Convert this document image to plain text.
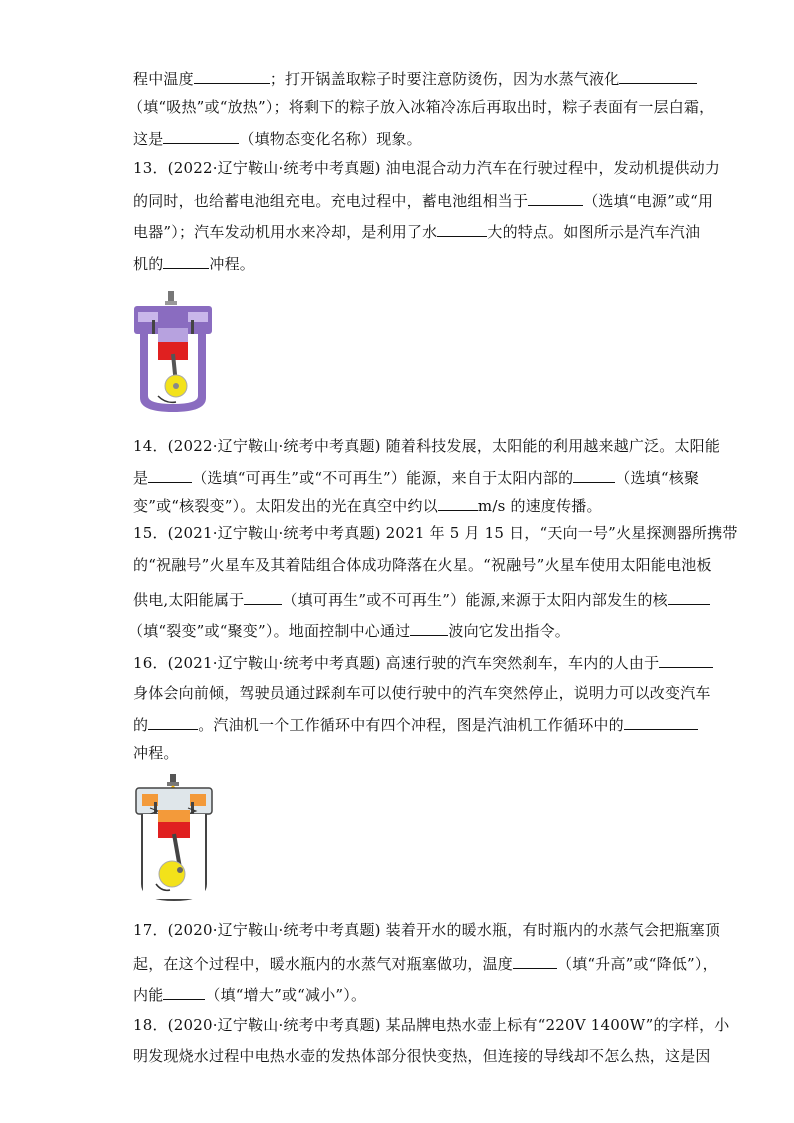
程中温度	；打开锅盖取粽子时要注意防烫伤，因为水蒸气液化
（填“吸热”或“放热”）；将剩下的粽子放入冰箱冷冻后再取出时，粽子表面有一层白霜，
这是	（填物态变化名称）现象。
13．(2022·辽宁鞍山·统考中考真题) 油电混合动力汽车在行驶过程中，发动机提供动力
的同时，也给蓄电池组充电。充电过程中，蓄电池组相当于	（选填“电源”或“用
电器”）；汽车发动机用水来冷却，是利用了水	大的特点。如图所示是汽车汽油
机的	冲程。
14．(2022·辽宁鞍山·统考中考真题) 随着科技发展，太阳能的利用越来越广泛。太阳能
是	（选填“可再生”或“不可再生”）能源，来自于太阳内部的	（选填“核聚
变”或“核裂变”）。太阳发出的光在真空中约以	m/s 的速度传播。
15．(2021·辽宁鞍山·统考中考真题) 2021 年 5 月 15 日，“天向一号”火星探测器所携带
的“祝融号”火星车及其着陆组合体成功降落在火星。“祝融号”火星车使用太阳能电池板
供电,太阳能属于	（填可再生”或不可再生”）能源,来源于太阳内部发生的核
（填“裂变”或“聚变”）。地面控制中心通过	波向它发出指令。
16．(2021·辽宁鞍山·统考中考真题) 高速行驶的汽车突然刹车，车内的人由于
身体会向前倾，驾驶员通过踩刹车可以使行驶中的汽车突然停止，说明力可以改变汽车
的	。汽油机一个工作循环中有四个冲程，图是汽油机工作循环中的
冲程。
17．(2020·辽宁鞍山·统考中考真题) 装着开水的暖水瓶，有时瓶内的水蒸气会把瓶塞顶
起，在这个过程中，暖水瓶内的水蒸气对瓶塞做功，温度	（填“升高”或“降低”），
内能	（填“增大”或“减小”）。
18．(2020·辽宁鞍山·统考中考真题) 某品牌电热水壶上标有“220V 1400W”的字样，小
明发现烧水过程中电热水壶的发热体部分很快变热，但连接的导线却不怎么热，这是因
